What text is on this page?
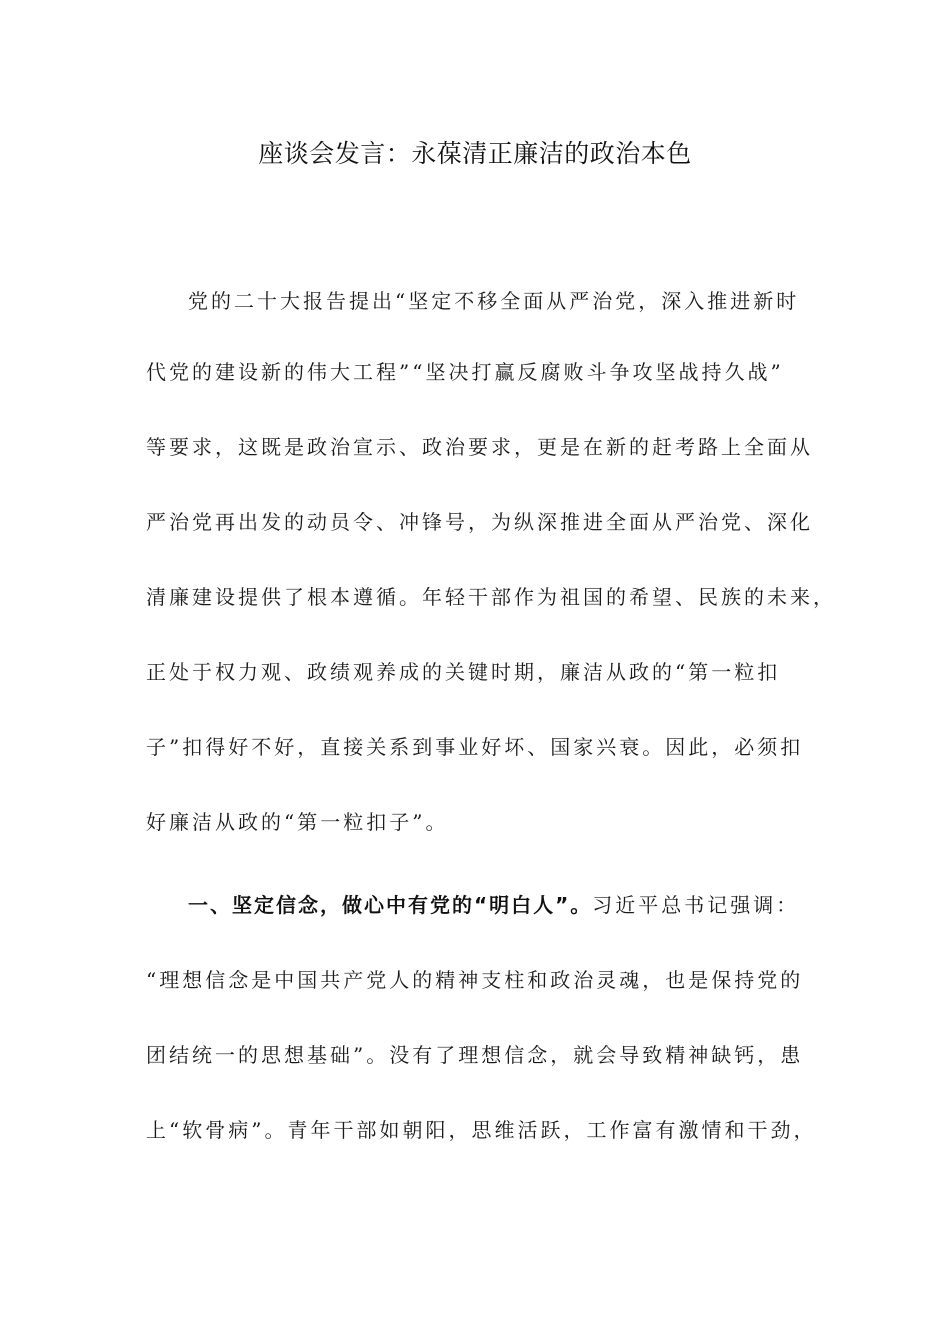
座谈会发言：永葆清正廉洁的政治本色
党的二十大报告提出“坚定不移全面从严治党，深入推进新时
代党的建设新的伟大工程”“坚决打赢反腐败斗争攻坚战持久战”
等要求，这既是政治宣示、政治要求，更是在新的赶考路上全面从
严治党再出发的动员令、冲锋号，为纵深推进全面从严治党、深化
清廉建设提供了根本遵循。年轻干部作为祖国的希望、民族的未来，
正处于权力观、政绩观养成的关键时期，廉洁从政的“第一粒扣
子”扣得好不好，直接关系到事业好坏、国家兴衰。因此，必须扣
好廉洁从政的“第一粒扣子”。
一、坚定信念，做心中有党的“明白人”。习近平总书记强调：
“理想信念是中国共产党人的精神支柱和政治灵魂，也是保持党的
团结统一的思想基础”。没有了理想信念，就会导致精神缺钙，患
上“软骨病”。青年干部如朝阳，思维活跃，工作富有激情和干劲，
